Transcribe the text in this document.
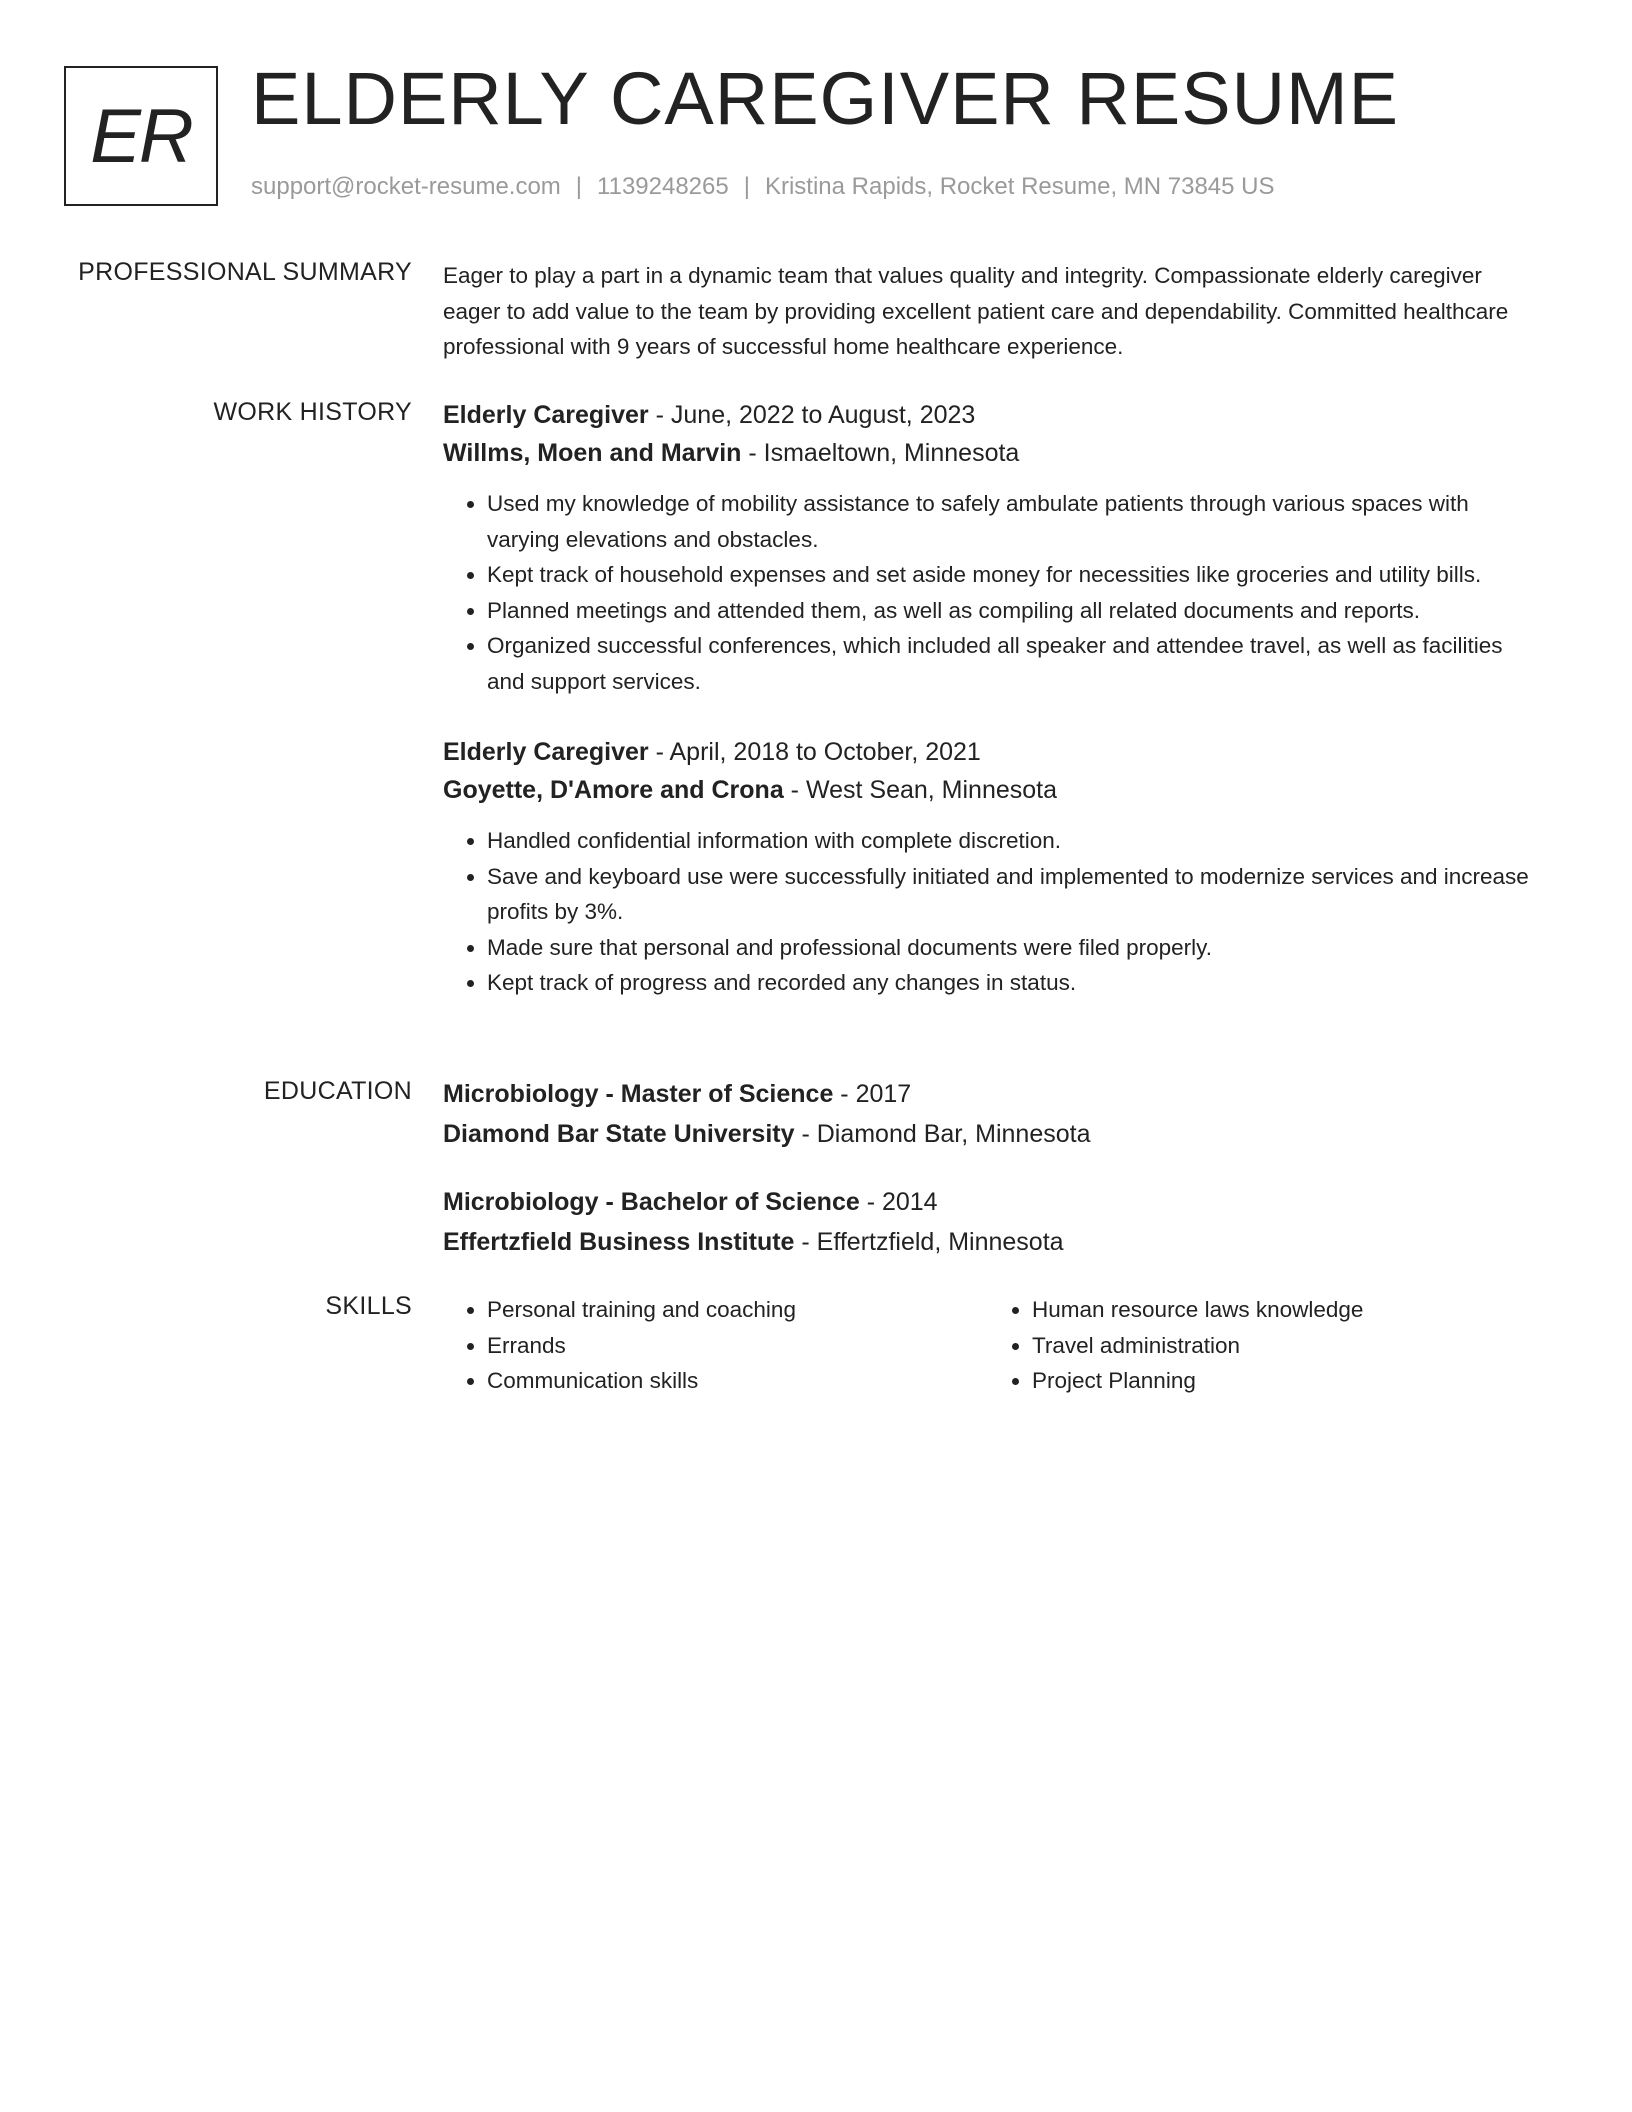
ER ELDERLY CAREGIVER RESUME
support@rocket-resume.com | 1139248265 | Kristina Rapids, Rocket Resume, MN 73845 US
PROFESSIONAL SUMMARY Eager to play a part in a dynamic team that values quality and integrity. Compassionate elderly caregiver eager to add value to the team by providing excellent patient care and dependability. Committed healthcare professional with 9 years of successful home healthcare experience.

WORK HISTORY Elderly Caregiver - June, 2022 to August, 2023
Willms, Moen and Marvin - Ismaeltown, Minnesota
• Used my knowledge of mobility assistance to safely ambulate patients through various spaces with varying elevations and obstacles.
• Kept track of household expenses and set aside money for necessities like groceries and utility bills.
• Planned meetings and attended them, as well as compiling all related documents and reports.
• Organized successful conferences, which included all speaker and attendee travel, as well as facilities and support services.
Elderly Caregiver - April, 2018 to October, 2021
Goyette, D'Amore and Crona - West Sean, Minnesota
• Handled confidential information with complete discretion.
• Save and keyboard use were successfully initiated and implemented to modernize services and increase profits by 3%.
• Made sure that personal and professional documents were filed properly.
• Kept track of progress and recorded any changes in status.
EDUCATION Microbiology - Master of Science - 2017
Diamond Bar State University - Diamond Bar, Minnesota
Microbiology - Bachelor of Science - 2014
Effertzfield Business Institute - Effertzfield, Minnesota
SKILLS
•	Personal training and coaching
• Errands
• Communication skills
• Human resource laws knowledge
• Travel administration
• Project Planning
